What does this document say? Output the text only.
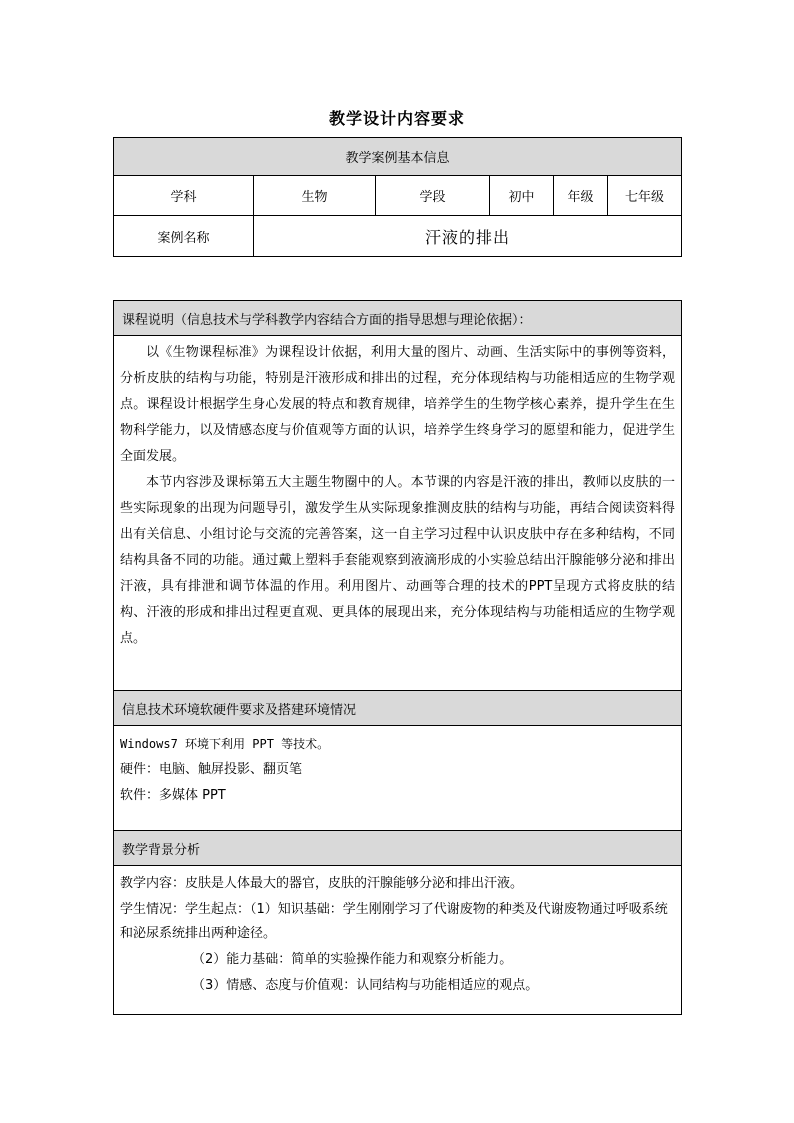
教学设计内容要求
教学案例基本信息					
学科	生物	学段	初中	年级	七年级
案例名称	汗液的排出				
课程说明（信息技术与学科教学内容结合方面的指导思想与理论依据）：

以《生物课程标准》为课程设计依据，利用大量的图片、动画、生活实际中的事例等资料，分析皮肤的结构与功能，特别是汗液形成和排出的过程，充分体现结构与功能相适应的生物学观点。课程设计根据学生身心发展的特点和教育规律，培养学生的生物学核心素养，提升学生在生物科学能力，以及情感态度与价值观等方面的认识，培养学生终身学习的愿望和能力，促进学生全面发展。

本节内容涉及课标第五大主题生物圈中的人。本节课的内容是汗液的排出，教师以皮肤的一些实际现象的出现为问题导引，激发学生从实际现象推测皮肤的结构与功能，再结合阅读资料得出有关信息、小组讨论与交流的完善答案，这一自主学习过程中认识皮肤中存在多种结构，不同结构具备不同的功能。通过戴上塑料手套能观察到液滴形成的小实验总结出汗腺能够分泌和排出汗液，具有排泄和调节体温的作用。利用图片、动画等合理的技术的PPT呈现方式将皮肤的结构、汗液的形成和排出过程更直观、更具体的展现出来，充分体现结构与功能相适应的生物学观点。

信息技术环境软硬件要求及搭建环境情况

Windows7 环境下利用 PPT 等技术。

硬件：电脑、触屏投影、翻页笔

软件：多媒体 PPT

教学背景分析

教学内容：皮肤是人体最大的器官，皮肤的汗腺能够分泌和排出汗液。

学生情况：学生起点：（1）知识基础：学生刚刚学习了代谢废物的种类及代谢废物通过呼吸系统和泌尿系统排出两种途径。

（2）能力基础：简单的实验操作能力和观察分析能力。

（3）情感、态度与价值观：认同结构与功能相适应的观点。
